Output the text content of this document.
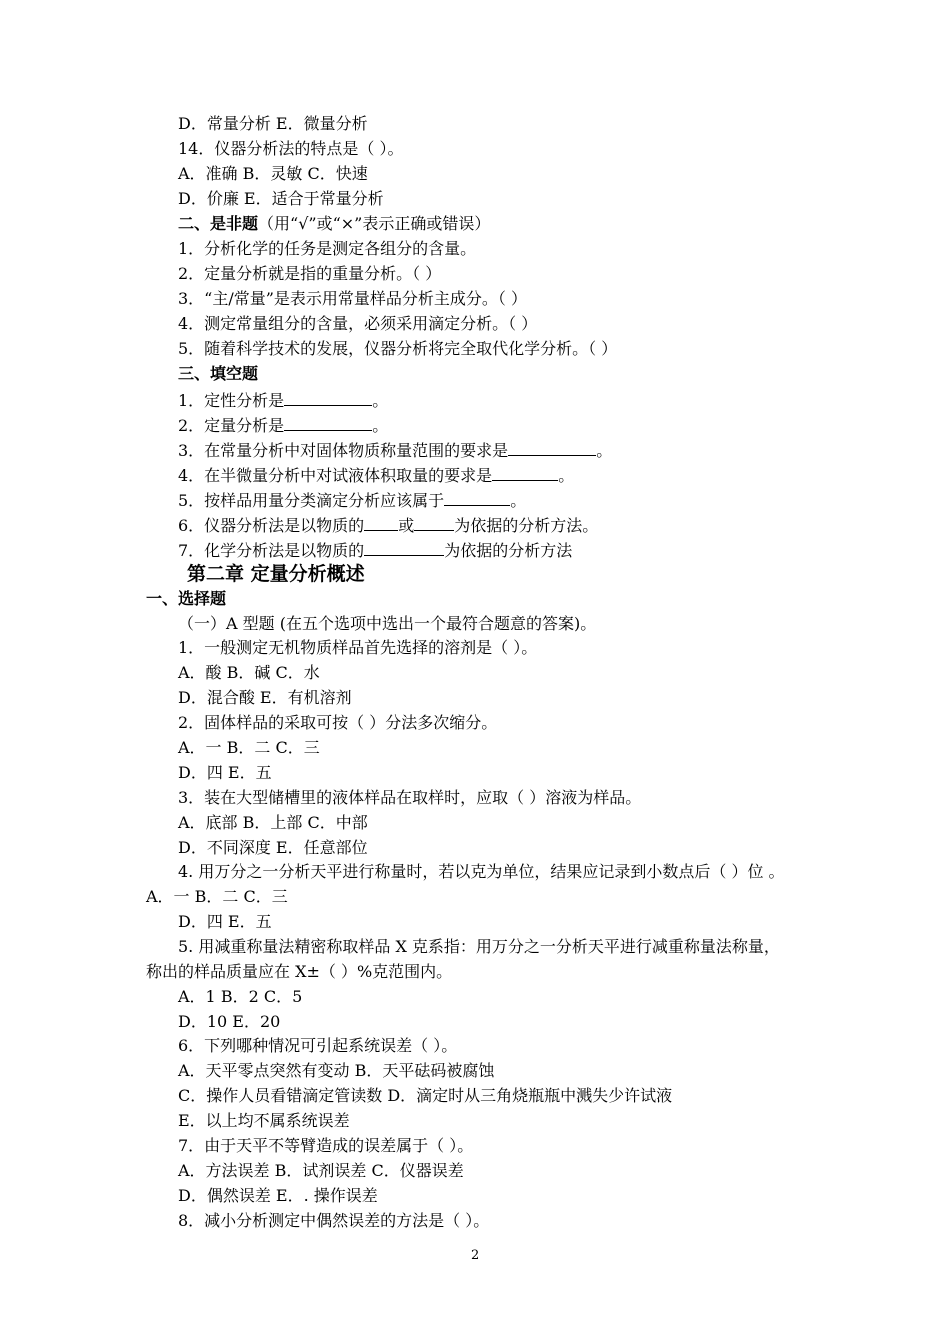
D．常量分析 E．微量分析
14．仪器分析法的特点是（ ）。
A．准确 B．灵敏 C．快速
D．价廉 E．适合于常量分析
二、是非题（用“√”或“×”表示正确或错误）
1．分析化学的任务是测定各组分的含量。
2．定量分析就是指的重量分析。（ ）
3．“主/常量”是表示用常量样品分析主成分。（ ）
4．测定常量组分的含量，必须采用滴定分析。（ ）
5．随着科学技术的发展，仪器分析将完全取代化学分析。（ ）
三、填空题
1．定性分析是	。
2．定量分析是	。
3．在常量分析中对固体物质称量范围的要求是	。
4．在半微量分析中对试液体积取量的要求是	。
5．按样品用量分类滴定分析应该属于	。
6．仪器分析法是以物质的 或	为依据的分析方法。
7．化学分析法是以物质的	为依据的分析方法
第二章 定量分析概述
一、选择题
（一）A 型题 (在五个选项中选出一个最符合题意的答案)。
1．一般测定无机物质样品首先选择的溶剂是（ ）。
A．酸 B．碱 C．水
D．混合酸 E．有机溶剂
2．固体样品的采取可按（ ）分法多次缩分。
A．一 B．二 C．三
D．四 E．五
3．装在大型储槽里的液体样品在取样时，应取（ ）溶液为样品。
A．底部 B．上部 C．中部
D．不同深度 E．任意部位
4. 用万分之一分析天平进行称量时，若以克为单位，结果应记录到小数点后（ ）位 。
A．一 B．二 C．三
D．四 E．五
5. 用减重称量法精密称取样品 X 克系指：用万分之一分析天平进行减重称量法称量，
称出的样品质量应在 X±（ ）%克范围内。
A．1 B．2 C．5
D．10 E．20
6．下列哪种情况可引起系统误差（ ）。
A．天平零点突然有变动 B．天平砝码被腐蚀
C．操作人员看错滴定管读数 D．滴定时从三角烧瓶瓶中溅失少许试液
E．以上均不属系统误差
7．由于天平不等臂造成的误差属于（ ）。
A．方法误差 B．试剂误差 C．仪器误差
D．偶然误差 E．. 操作误差
8．减小分析测定中偶然误差的方法是（ ）。
2
